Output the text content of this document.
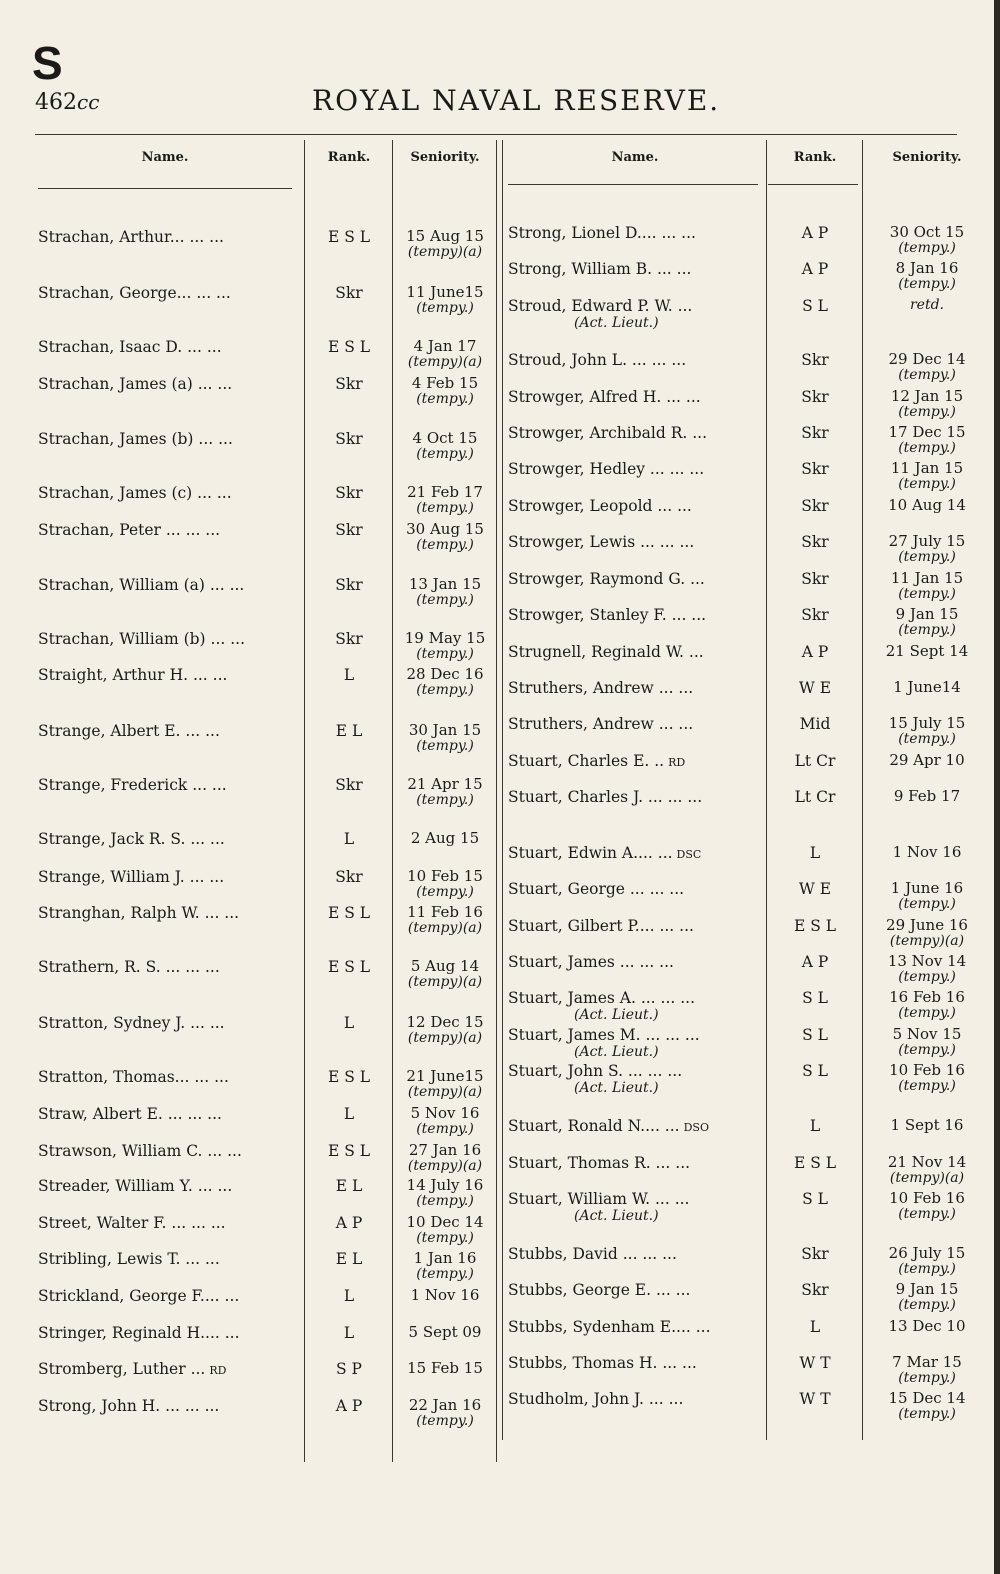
S
462cc	ROYAL NAVAL RESERVE.
Name.	Rank.	Seniority.	Name.	Rank.	Seniority.
Strachan, Arthur... ... ...	E S L	15 Aug 15
(tempy)(a)
Strachan, George... ... ...	Skr	11 June15
(tempy.)
Strachan, Isaac D. ... ...	E S L	4 Jan 17
(tempy)(a)
Strachan, James (a) ... ...	Skr	4 Feb 15
(tempy.)
Strachan, James (b) ... ...	Skr	4 Oct 15
(tempy.)
Strachan, James (c) ... ...	Skr	21 Feb 17
(tempy.)
Strachan, Peter ... ... ...	Skr	30 Aug 15
(tempy.)
Strachan, William (a) ... ...	Skr	13 Jan 15
(tempy.)
Strachan, William (b) ... ...	Skr	19 May 15
(tempy.)
Straight, Arthur H. ... ...	L	28 Dec 16
(tempy.)
Strange, Albert E. ... ...	E L	30 Jan 15
(tempy.)
Strange, Frederick ... ...	Skr	21 Apr 15
(tempy.)
Strange, Jack R. S. ... ...	L	2 Aug 15
Strange, William J. ... ...	Skr	10 Feb 15
(tempy.)
Stranghan, Ralph W. ... ...	E S L	11 Feb 16
(tempy)(a)
Strathern, R. S. ... ... ...	E S L	5 Aug 14
(tempy)(a)
Stratton, Sydney J. ... ...	L	12 Dec 15
(tempy)(a)
Stratton, Thomas... ... ...	E S L	21 June15
(tempy)(a)
Straw, Albert E. ... ... ...	L	5 Nov 16
(tempy.)
Strawson, William C. ... ...	E S L	27 Jan 16
(tempy)(a)
Streader, William Y. ... ...	E L	14 July 16
(tempy.)
Street, Walter F. ... ... ...	A P	10 Dec 14
(tempy.)
Stribling, Lewis T. ... ...	E L	1 Jan 16
(tempy.)
Strickland, George F.... ...	L	1 Nov 16
Stringer, Reginald H.... ...	L	5 Sept 09
Stromberg, Luther ... RD	S P	15 Feb 15
Strong, John H. ... ... ...	A P	22 Jan 16
(tempy.)
Strong, Lionel D.... ... ...	A P	30 Oct 15
(tempy.)
Strong, William B. ... ...	A P	8 Jan 16
(tempy.)
Stroud, Edward P. W. ...
(Act. Lieut.)
S L	retd.
Stroud, John L. ... ... ...	Skr	29 Dec 14
(tempy.)
Strowger, Alfred H. ... ...	Skr	12 Jan 15
(tempy.)
Strowger, Archibald R. ...	Skr	17 Dec 15
(tempy.)
Strowger, Hedley ... ... ...	Skr	11 Jan 15
(tempy.)
Strowger, Leopold ... ...	Skr	10 Aug 14
Strowger, Lewis ... ... ...	Skr	27 July 15
(tempy.)
Strowger, Raymond G. ...	Skr	11 Jan 15
(tempy.)
Strowger, Stanley F. ... ...	Skr	9 Jan 15
(tempy.)
Strugnell, Reginald W. ...	A P	21 Sept 14
Struthers, Andrew ... ...	W E	1 June14
Struthers, Andrew ... ...	Mid	15 July 15
(tempy.)
Stuart, Charles E. .. RD	Lt Cr	29 Apr 10
Stuart, Charles J. ... ... ...	Lt Cr	9 Feb 17
Stuart, Edwin A.... ... DSC	L	1 Nov 16
Stuart, George ... ... ...	W E	1 June 16
(tempy.)
Stuart, Gilbert P.... ... ...	E S L	29 June 16
(tempy)(a)
Stuart, James ... ... ...	A P	13 Nov 14
(tempy.)
Stuart, James A. ... ... ...
(Act. Lieut.)
S L	16 Feb 16
(tempy.)
Stuart, James M. ... ... ...
(Act. Lieut.)
S L	5 Nov 15
(tempy.)
Stuart, John S. ... ... ...
(Act. Lieut.)
S L	10 Feb 16
(tempy.)
Stuart, Ronald N.... ... DSO	L	1 Sept 16
Stuart, Thomas R. ... ...	E S L	21 Nov 14
(tempy)(a)
Stuart, William W. ... ...
(Act. Lieut.)
S L	10 Feb 16
(tempy.)
Stubbs, David ... ... ...	Skr	26 July 15
(tempy.)
Stubbs, George E. ... ...	Skr	9 Jan 15
(tempy.)
Stubbs, Sydenham E.... ...	L	13 Dec 10
Stubbs, Thomas H. ... ...	W T	7 Mar 15
(tempy.)
Studholm, John J. ... ...	W T	15 Dec 14
(tempy.)
